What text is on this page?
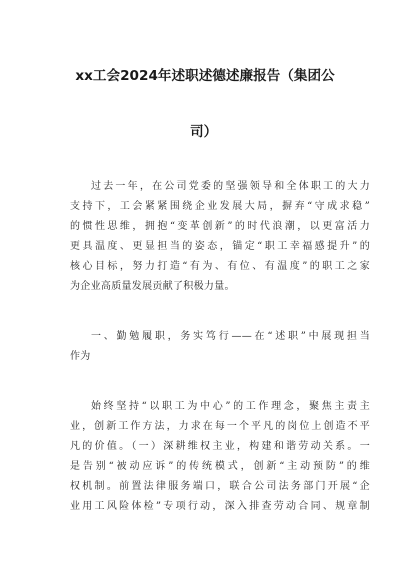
xx工会2024年述职述德述廉报告（集团公
司）
过去一年，在公司党委的坚强领导和全体职工的大力
支持下，工会紧紧围绕企业发展大局，摒弃“守成求稳”
的惯性思维，拥抱“变革创新”的时代浪潮，以更富活力
更具温度、更显担当的姿态，锚定“职工幸福感提升”的
核心目标，努力打造“有为、有位、有温度”的职工之家
为企业高质量发展贡献了积极力量。
一、勤勉履职，务实笃行——在“述职”中展现担当
作为
始终坚持“以职工为中心”的工作理念，聚焦主责主
业，创新工作方法，力求在每一个平凡的岗位上创造不平
凡的价值。（一）深耕维权主业，构建和谐劳动关系。一
是告别“被动应诉”的传统模式，创新“主动预防”的维
权机制。前置法律服务端口，联合公司法务部门开展“企
业用工风险体检”专项行动，深入排查劳动合同、规章制
